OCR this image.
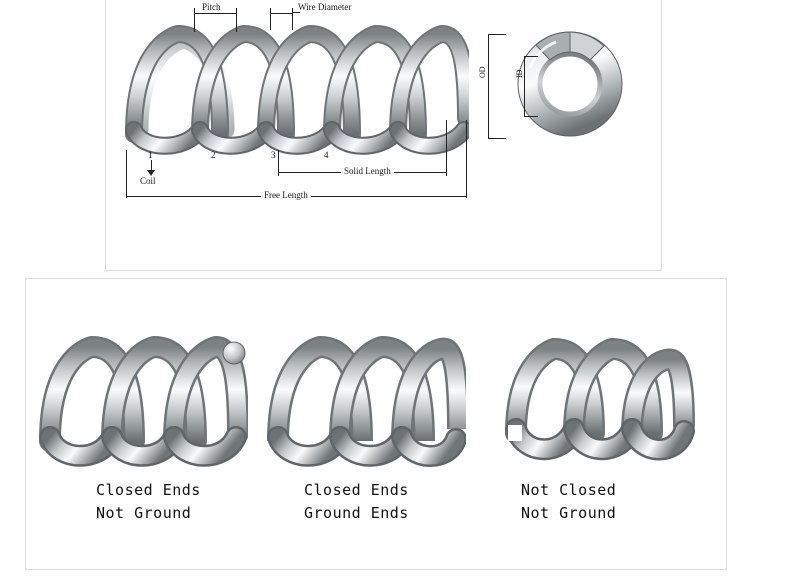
Pitch	Wire Diameter
1	2	3	4
Coil
Solid Length
Free Length
OD	ID
Closed Ends
Not Ground
Closed Ends
Ground Ends
Not Closed
Not Ground
